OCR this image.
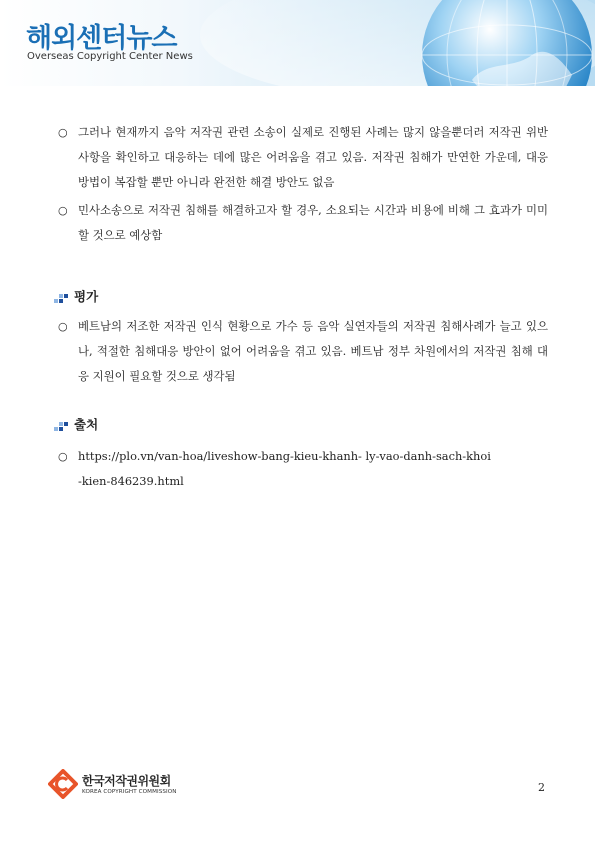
해외센터뉴스
Overseas Copyright Center News
○ 그러나 현재까지 음악 저작권 관련 소송이 실제로 진행된 사례는 많지 않을뿐더러 저작권 위반 사항을 확인하고 대응하는 데에 많은 어려움을 겪고 있음. 저작권 침해가 만연한 가운데, 대응 방법이 복잡할 뿐만 아니라 완전한 해결 방안도 없음
○ 민사소송으로 저작권 침해를 해결하고자 할 경우, 소요되는 시간과 비용에 비해 그 효과가 미미할 것으로 예상함
평가
○ 베트남의 저조한 저작권 인식 현황으로 가수 등 음악 실연자들의 저작권 침해사례가 늘고 있으나, 적절한 침해대응 방안이 없어 어려움을 겪고 있음. 베트남 정부 차원에서의 저작권 침해 대응 지원이 필요할 것으로 생각됨
출처
○ https://plo.vn/van-hoa/liveshow-bang-kieu-khanh- ly-vao-danh-sach-khoi -kien-846239.html
한국저작권위원회
KOREA COPYRIGHT COMMISSION	2
